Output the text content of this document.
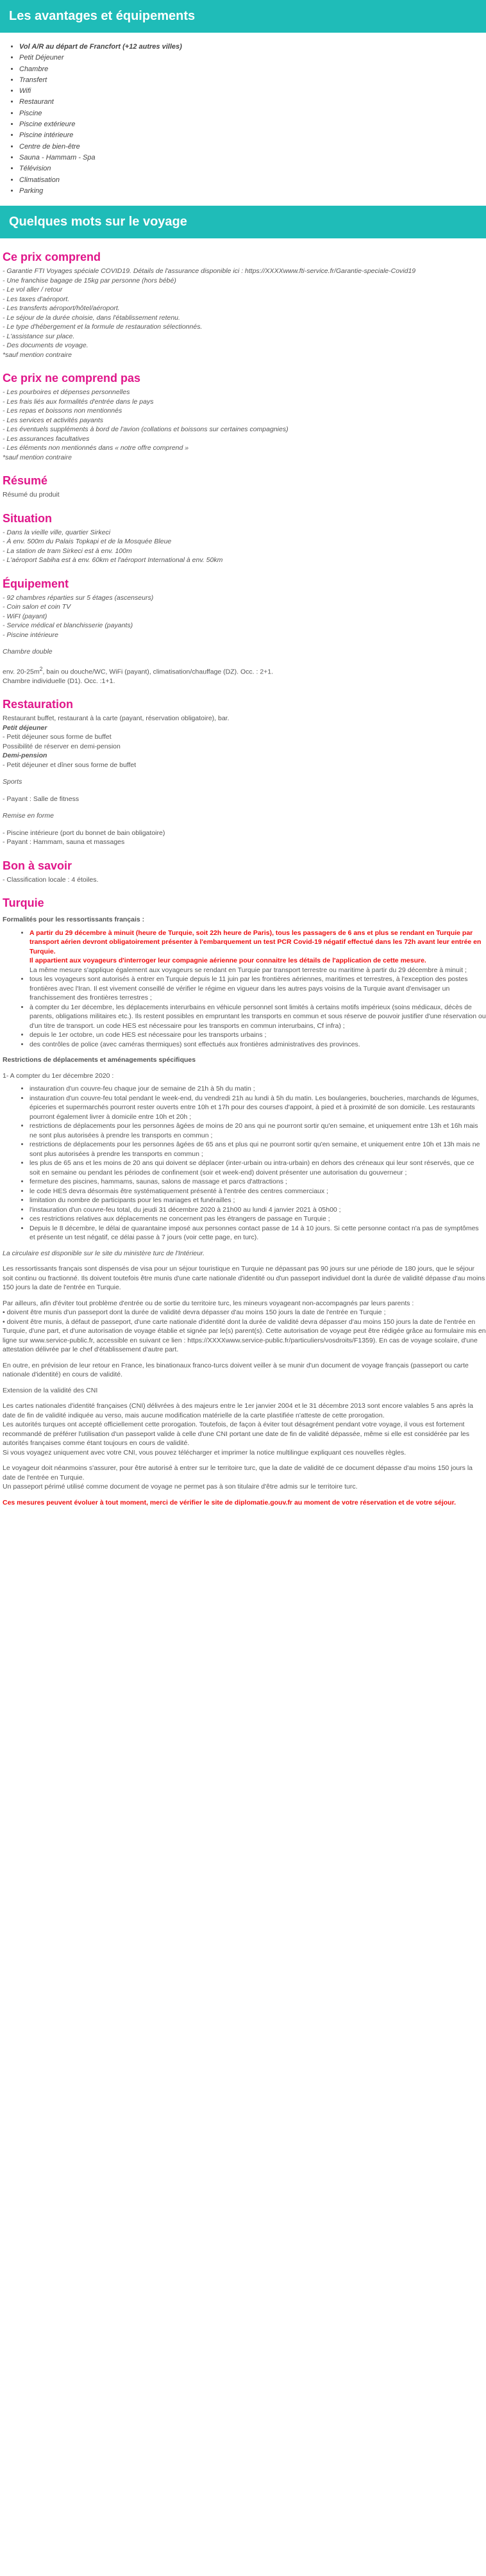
Les avantages et équipements
• Vol A/R au départ de Francfort (+12 autres villes)
• Petit Déjeuner
• Chambre
• Transfert
• Wifi
• Restaurant
• Piscine
• Piscine extérieure
• Piscine intérieure
• Centre de bien-être
• Sauna - Hammam - Spa
• Télévision
• Climatisation
• Parking
Quelques mots sur le voyage
Ce prix comprend

- Garantie FTI Voyages spéciale COVID19. Détails de l'assurance disponible ici : https://XXXXwww.fti-service.fr/Garantie-speciale-Covid19

- Une franchise bagage de 15kg par personne (hors bébé)

- Le vol aller / retour

- Les taxes d'aéroport.

- Les transferts aéroport/hôtel/aéroport.

- Le séjour de la durée choisie, dans l'établissement retenu.

- Le type d'hébergement et la formule de restauration sélectionnés.

- L'assistance sur place.

- Des documents de voyage.

*sauf mention contraire

Ce prix ne comprend pas

- Les pourboires et dépenses personnelles

- Les frais liés aux formalités d'entrée dans le pays

- Les repas et boissons non mentionnés

- Les services et activités payants

- Les éventuels suppléments à bord de l'avion (collations et boissons sur certaines compagnies)

- Les assurances facultatives

- Les éléments non mentionnés dans « notre offre comprend »

*sauf mention contraire

Résumé

Résumé du produit

Situation

- Dans la vieille ville, quartier Sirkeci

- À env. 500m du Palais Topkapi et de la Mosquée Bleue

- La station de tram Sirkeci est à env. 100m

- L'aéroport Sabiha est à env. 60km et l'aéroport International à env. 50km

Équipement

- 92 chambres réparties sur 5 étages (ascenseurs)

- Coin salon et coin TV

- WiFI (payant)

- Service médical et blanchisserie (payants)

- Piscine intérieure

Chambre double

env. $20-25m^2$, bain ou douche/WC, WiFi (payant), climatisation/chauffage (DZ). Occ. : 2+1.

Chambre individuelle (D1). Occ. :1+1.

Restauration

Restaurant buffet, restaurant à la carte (payant, réservation obligatoire), bar.

Petit déjeuner

- Petit déjeuner sous forme de buffet

Possibilité de réserver en demi-pension

Demi-pension

- Petit déjeuner et dîner sous forme de buffet

Sports

- Payant : Salle de fitness

Remise en forme

- Piscine intérieure (port du bonnet de bain obligatoire)

- Payant : Hammam, sauna et massages

Bon à savoir

- Classification locale : 4 étoiles.

Turquie

Formalités pour les ressortissants français :

• A partir du 29 décembre à minuit (heure de Turquie, soit 22h heure de Paris), tous les passagers de 6 ans et plus se rendant en Turquie par transport aérien devront obligatoirement présenter à l'embarquement un test PCR Covid-19 négatif effectué dans les 72h avant leur entrée en Turquie.
Il appartient aux voyageurs d'interroger leur compagnie aérienne pour connaitre les détails de l'application de cette mesure.
La même mesure s'applique également aux voyageurs se rendant en Turquie par transport terrestre ou maritime à partir du 29 décembre à minuit ;
• tous les voyageurs sont autorisés à entrer en Turquie depuis le 11 juin par les frontières aériennes, maritimes et terrestres, à l'exception des postes frontières avec l'Iran. Il est vivement conseillé de vérifier le régime en vigueur dans les autres pays voisins de la Turquie avant d'envisager un franchissement des frontières terrestres ;
• à compter du 1er décembre, les déplacements interurbains en véhicule personnel sont limités à certains motifs impérieux (soins médicaux, décès de parents, obligations militaires etc.). Ils restent possibles en empruntant les transports en commun et sous réserve de pouvoir justifier d'une réservation ou d'un titre de transport. un code HES est nécessaire pour les transports en commun interurbains, Cf infra) ;
• depuis le 1er octobre, un code HES est nécessaire pour les transports urbains ;
• des contrôles de police (avec caméras thermiques) sont effectués aux frontières administratives des provinces.

Restrictions de déplacements et aménagements spécifiques

1- A compter du 1er décembre 2020 :

• instauration d'un couvre-feu chaque jour de semaine de 21h à 5h du matin ;
• instauration d'un couvre-feu total pendant le week-end, du vendredi 21h au lundi à 5h du matin. Les boulangeries, boucheries, marchands de légumes, épiceries et supermarchés pourront rester ouverts entre 10h et 17h pour des courses d'appoint, à pied et à proximité de son domicile. Les restaurants pourront également livrer à domicile entre 10h et 20h ;
• restrictions de déplacements pour les personnes âgées de moins de 20 ans qui ne pourront sortir qu'en semaine, et uniquement entre 13h et 16h mais ne sont plus autorisées à prendre les transports en commun ;
• restrictions de déplacements pour les personnes âgées de 65 ans et plus qui ne pourront sortir qu'en semaine, et uniquement entre 10h et 13h mais ne sont plus autorisées à prendre les transports en commun ;
• les plus de 65 ans et les moins de 20 ans qui doivent se déplacer (inter-urbain ou intra-urbain) en dehors des créneaux qui leur sont réservés, que ce soit en semaine ou pendant les périodes de confinement (soir et week-end) doivent présenter une autorisation du gouverneur ;
• fermeture des piscines, hammams, saunas, salons de massage et parcs d'attractions ;
• le code HES devra désormais être systématiquement présenté à l'entrée des centres commerciaux ;
• limitation du nombre de participants pour les mariages et funérailles ;
• l'instauration d'un couvre-feu total, du jeudi 31 décembre 2020 à 21h00 au lundi 4 janvier 2021 à 05h00 ;
• ces restrictions relatives aux déplacements ne concernent pas les étrangers de passage en Turquie ;
• Depuis le 8 décembre, le délai de quarantaine imposé aux personnes contact passe de 14 à 10 jours. Si cette personne contact n'a pas de symptômes et présente un test négatif, ce délai passe à 7 jours (voir cette page, en turc).

La circulaire est disponible sur le site du ministère turc de l'Intérieur.

Les ressortissants français sont dispensés de visa pour un séjour touristique en Turquie ne dépassant pas 90 jours sur une période de 180 jours, que le séjour soit continu ou fractionné. Ils doivent toutefois être munis d'une carte nationale d'identité ou d'un passeport individuel dont la durée de validité dépasse d'au moins 150 jours la date de l'entrée en Turquie.

Par ailleurs, afin d'éviter tout problème d'entrée ou de sortie du territoire turc, les mineurs voyageant non-accompagnés par leurs parents :

• doivent être munis d'un passeport dont la durée de validité devra dépasser d'au moins 150 jours la date de l'entrée en Turquie ;

• doivent être munis, à défaut de passeport, d'une carte nationale d'identité dont la durée de validité devra dépasser d'au moins 150 jours la date de l'entrée en Turquie, d'une part, et d'une autorisation de voyage établie et signée par le(s) parent(s). Cette autorisation de voyage peut être rédigée grâce au formulaire mis en ligne sur www.service-public.fr, accessible en suivant ce lien : https://XXXXwww.service-public.fr/particuliers/vosdroits/F1359). En cas de voyage scolaire, d'une attestation délivrée par le chef d'établissement d'autre part.

En outre, en prévision de leur retour en France, les binationaux franco-turcs doivent veiller à se munir d'un document de voyage français (passeport ou carte nationale d'identité) en cours de validité.

Extension de la validité des CNI

Les cartes nationales d'identité françaises (CNI) délivrées à des majeurs entre le 1er janvier 2004 et le 31 décembre 2013 sont encore valables 5 ans après la date de fin de validité indiquée au verso, mais aucune modification matérielle de la carte plastifiée n'atteste de cette prorogation.

Les autorités turques ont accepté officiellement cette prorogation. Toutefois, de façon à éviter tout désagrément pendant votre voyage, il vous est fortement recommandé de préférer l'utilisation d'un passeport valide à celle d'une CNI portant une date de fin de validité dépassée, même si elle est considérée par les autorités françaises comme étant toujours en cours de validité.

Si vous voyagez uniquement avec votre CNI, vous pouvez télécharger et imprimer la notice multilingue expliquant ces nouvelles règles.

Le voyageur doit néanmoins s'assurer, pour être autorisé à entrer sur le territoire turc, que la date de validité de ce document dépasse d'au moins 150 jours la date de l'entrée en Turquie.

Un passeport périmé utilisé comme document de voyage ne permet pas à son titulaire d'être admis sur le territoire turc.

Ces mesures peuvent évoluer à tout moment, merci de vérifier le site de diplomatie.gouv.fr au moment de votre réservation et de votre séjour.
